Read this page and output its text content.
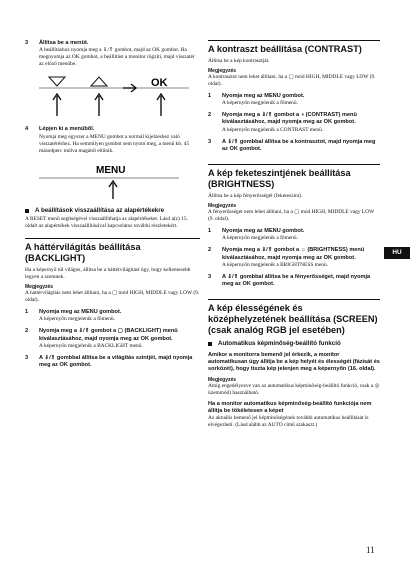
3 Állítsa be a menüt.
A beállításhoz nyomja meg a ⇓/⇑ gombot, majd az OK gombot. Ha megnyomja az OK gombot, a beállítást a monitor rögzíti, majd visszatér az előző menübe.
OK
4 Lépjen ki a menüből.
Nyomja meg egyszer a MENU gombot a normál kijelzéshez való visszatéréshez. Ha semmilyen gombot sem nyom meg, a menü kb. 45 másodperc múlva magától eltűnik.
MENU
A beállítások visszaállítása az alapértékekre
A RESET menü segítségével visszaállíthatja az alapértékeket. Lásd a(z) 15. oldalt az alapértékek visszaállításával kapcsolatos további részletekért.
A háttérvilágítás beállítása (BACKLIGHT)
Ha a képernyő túl világos, állítsa be a háttérvilágítást úgy, hogy kellemesebb legyen a szemnek.
Megjegyzés
A háttérvilágítás nem lehet állítani, ha a ▢ mód HIGH, MIDDLE vagy LOW (9. oldal).
1 Nyomja meg az MENU gombot.
A képernyőn megjelenik a főmenü.
2 Nyomja meg a ⇓/⇑ gombot a ▢ (BACKLIGHT) menü kiválasztásához, majd nyomja meg az OK gombot.
A képernyőn megjelenik a BACKLIGHT menü.
3 A ⇓/⇑ gombbal állítsa be a világítás szintjét, majd nyomja meg az OK gombot.
A kontraszt beállítása (CONTRAST)
Állítsa be a kép kontrasztját.
Megjegyzés
A kontrasztot nem lehet állítani, ha a ▢ mód HIGH, MIDDLE vagy LOW (9. oldal).
1 Nyomja meg az MENU gombot.
A képernyőn megjelenik a főmenü.
2 Nyomja meg a ⇓/⇑ gombot a ◑ (CONTRAST) menü kiválasztásához, majd nyomja meg az OK gombot.
A képernyőn megjelenik a CONTRAST menü.
3 A ⇓/⇑ gombbal állítsa be a kontrasztot, majd nyomja meg az OK gombot.
A kép feketeszintjének beállítása (BRIGHTNESS)
Állítsa be a kép fényerősségét (feketeszint).
Megjegyzés
A fényerősséget nem lehet állítani, ha a ▢ mód HIGH, MIDDLE vagy LOW (9. oldal).
1 Nyomja meg az MENU gombot.
A képernyőn megjelenik a főmenü.
2 Nyomja meg a ⇓/⇑ gombot a ☼ (BRIGHTNESS) menü kiválasztásához, majd nyomja meg az OK gombot.
A képernyőn megjelenik a BRIGHTNESS menü.
3 A ⇓/⇑ gombbal állítsa be a fényerősséget, majd nyomja meg az OK gombot.
A kép élességének és középhelyzetének beállítása (SCREEN) (csak analóg RGB jel esetében)
Automatikus képminőség-beállító funkció
Amikor a monitorra bemenő jel érkezik, a monitor automatikusan úgy állítja be a kép helyét és élességét (fázisát és sorközét), hogy tiszta kép jelenjen meg a képernyőn (16. oldal).
Megjegyzés
Amíg engedélyezve van az automatikus képminőség-beállító funkció, csak a ◎ üzemmód) használható.
Ha a monitor automatikus képminőség-beállító funkciója nem állítja be tökéletesen a képet
Az aktuális bemenő jel képminőségének további automatikus beállítását is elvégezheti. (Lásd alább az AUTO című szakaszt.)
HU
11
